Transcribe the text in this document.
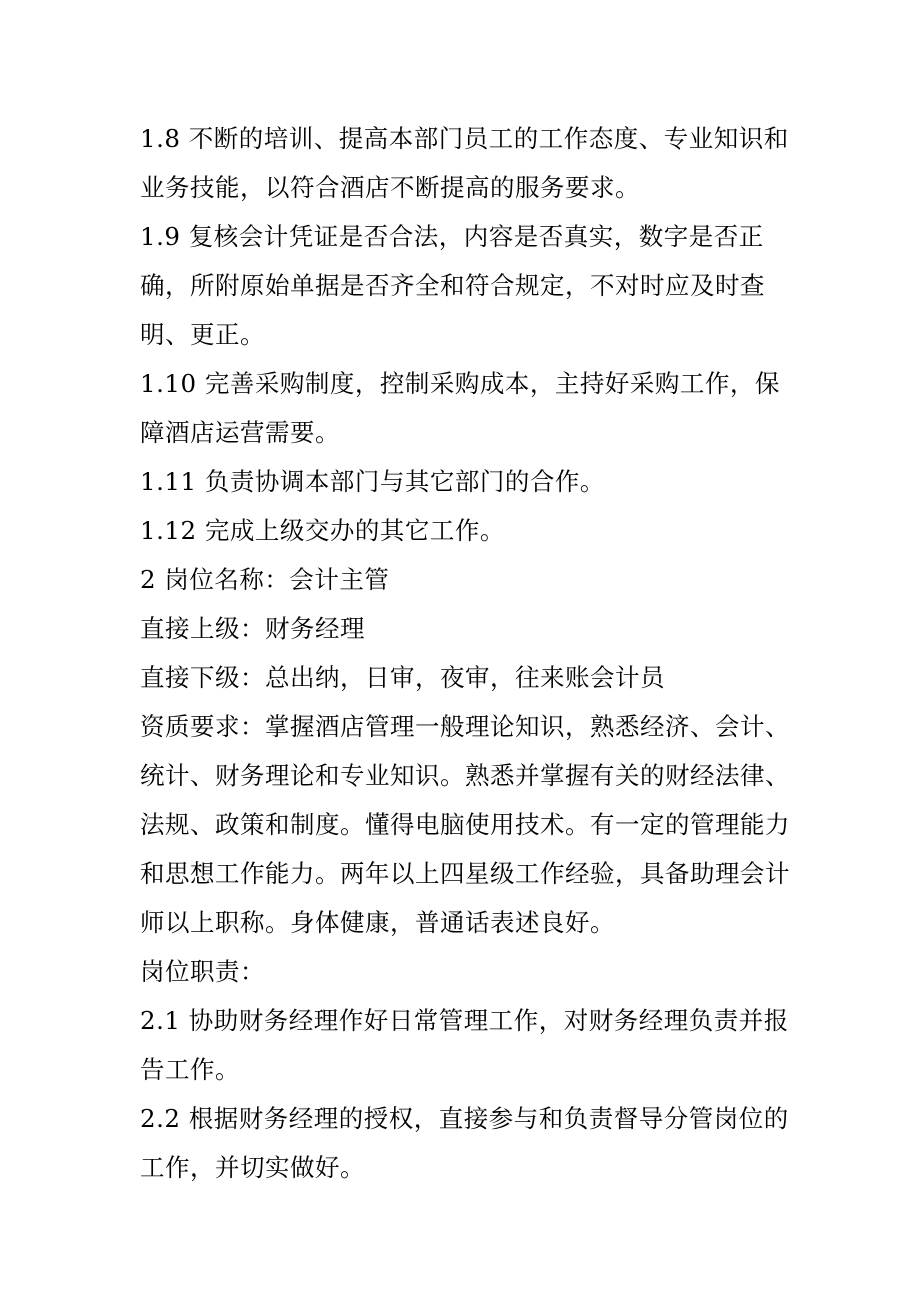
1.8 不断的培训、提高本部门员工的工作态度、专业知识和业务技能，以符合酒店不断提高的服务要求。

1.9 复核会计凭证是否合法，内容是否真实，数字是否正确，所附原始单据是否齐全和符合规定，不对时应及时查明、更正。

1.10 完善采购制度，控制采购成本，主持好采购工作，保障酒店运营需要。

1.11 负责协调本部门与其它部门的合作。

1.12 完成上级交办的其它工作。

2 岗位名称：会计主管

直接上级：财务经理

直接下级：总出纳，日审，夜审，往来账会计员

资质要求：掌握酒店管理一般理论知识，熟悉经济、会计、统计、财务理论和专业知识。熟悉并掌握有关的财经法律、法规、政策和制度。懂得电脑使用技术。有一定的管理能力和思想工作能力。两年以上四星级工作经验，具备助理会计师以上职称。身体健康，普通话表述良好。

岗位职责：

2.1 协助财务经理作好日常管理工作，对财务经理负责并报告工作。

2.2 根据财务经理的授权，直接参与和负责督导分管岗位的工作，并切实做好。
